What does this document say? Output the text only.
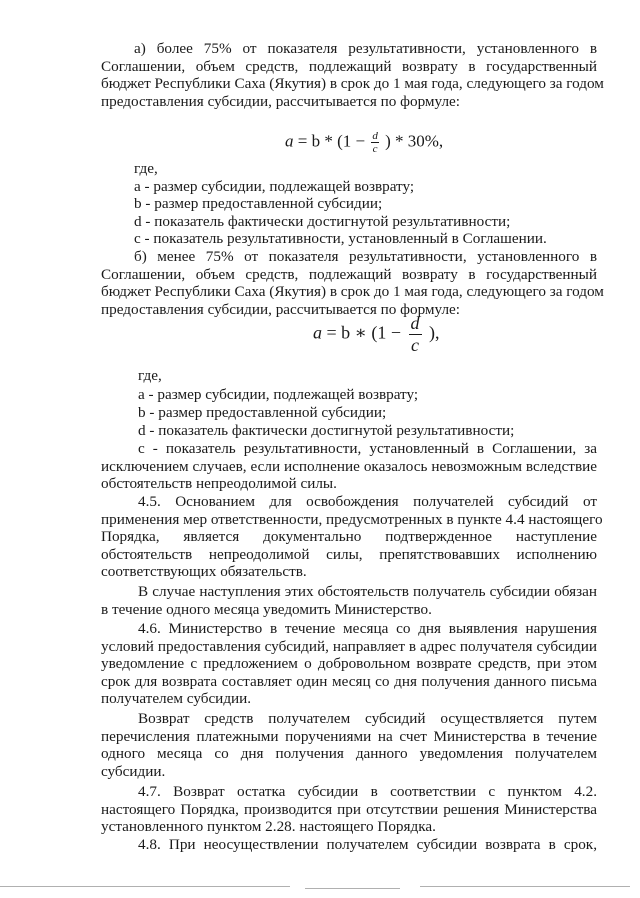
а) более 75% от показателя результативности, установленного в
Соглашении, объем средств, подлежащий возврату в государственный
бюджет Республики Саха (Якутия) в срок до 1 мая года, следующего за годом
предоставления субсидии, рассчитывается по формуле:

$a = b * (1 - \frac{d}{c}$ ) * 30%,

где,

a - размер субсидии, подлежащей возврату;

b - размер предоставленной субсидии;

d - показатель фактически достигнутой результативности;

с - показатель результативности, установленный в Соглашении.

б) менее 75% от показателя результативности, установленного в
Соглашении, объем средств, подлежащий возврату в государственный
бюджет Республики Саха (Якутия) в срок до 1 мая года, следующего за годом
предоставления субсидии, рассчитывается по формуле:

a = b ∗ ($1 - \frac{d}{c}$ ),

где,

а - размер субсидии, подлежащей возврату;

b - размер предоставленной субсидии;

d - показатель фактически достигнутой результативности;

с - показатель результативности, установленный в Соглашении, за
исключением случаев, если исполнение оказалось невозможным вследствие
обстоятельств непреодолимой силы.

4.5. Основанием для освобождения получателей субсидий от
применения мер ответственности, предусмотренных в пункте 4.4 настоящего
Порядка, является документально подтвержденное наступление
обстоятельств непреодолимой силы, препятствовавших исполнению
соответствующих обязательств.

В случае наступления этих обстоятельств получатель субсидии обязан
в течение одного месяца уведомить Министерство.

4.6. Министерство в течение месяца со дня выявления нарушения
условий предоставления субсидий, направляет в адрес получателя субсидии
уведомление с предложением о добровольном возврате средств, при этом
срок для возврата составляет один месяц со дня получения данного письма
получателем субсидии.

Возврат средств получателем субсидий осуществляется путем
перечисления платежными поручениями на счет Министерства в течение
одного месяца со дня получения данного уведомления получателем
субсидии.

4.7. Возврат остатка субсидии в соответствии с пунктом 4.2.
настоящего Порядка, производится при отсутствии решения Министерства
установленного пунктом 2.28. настоящего Порядка.

4.8. При неосуществлении получателем субсидии возврата в срок,
